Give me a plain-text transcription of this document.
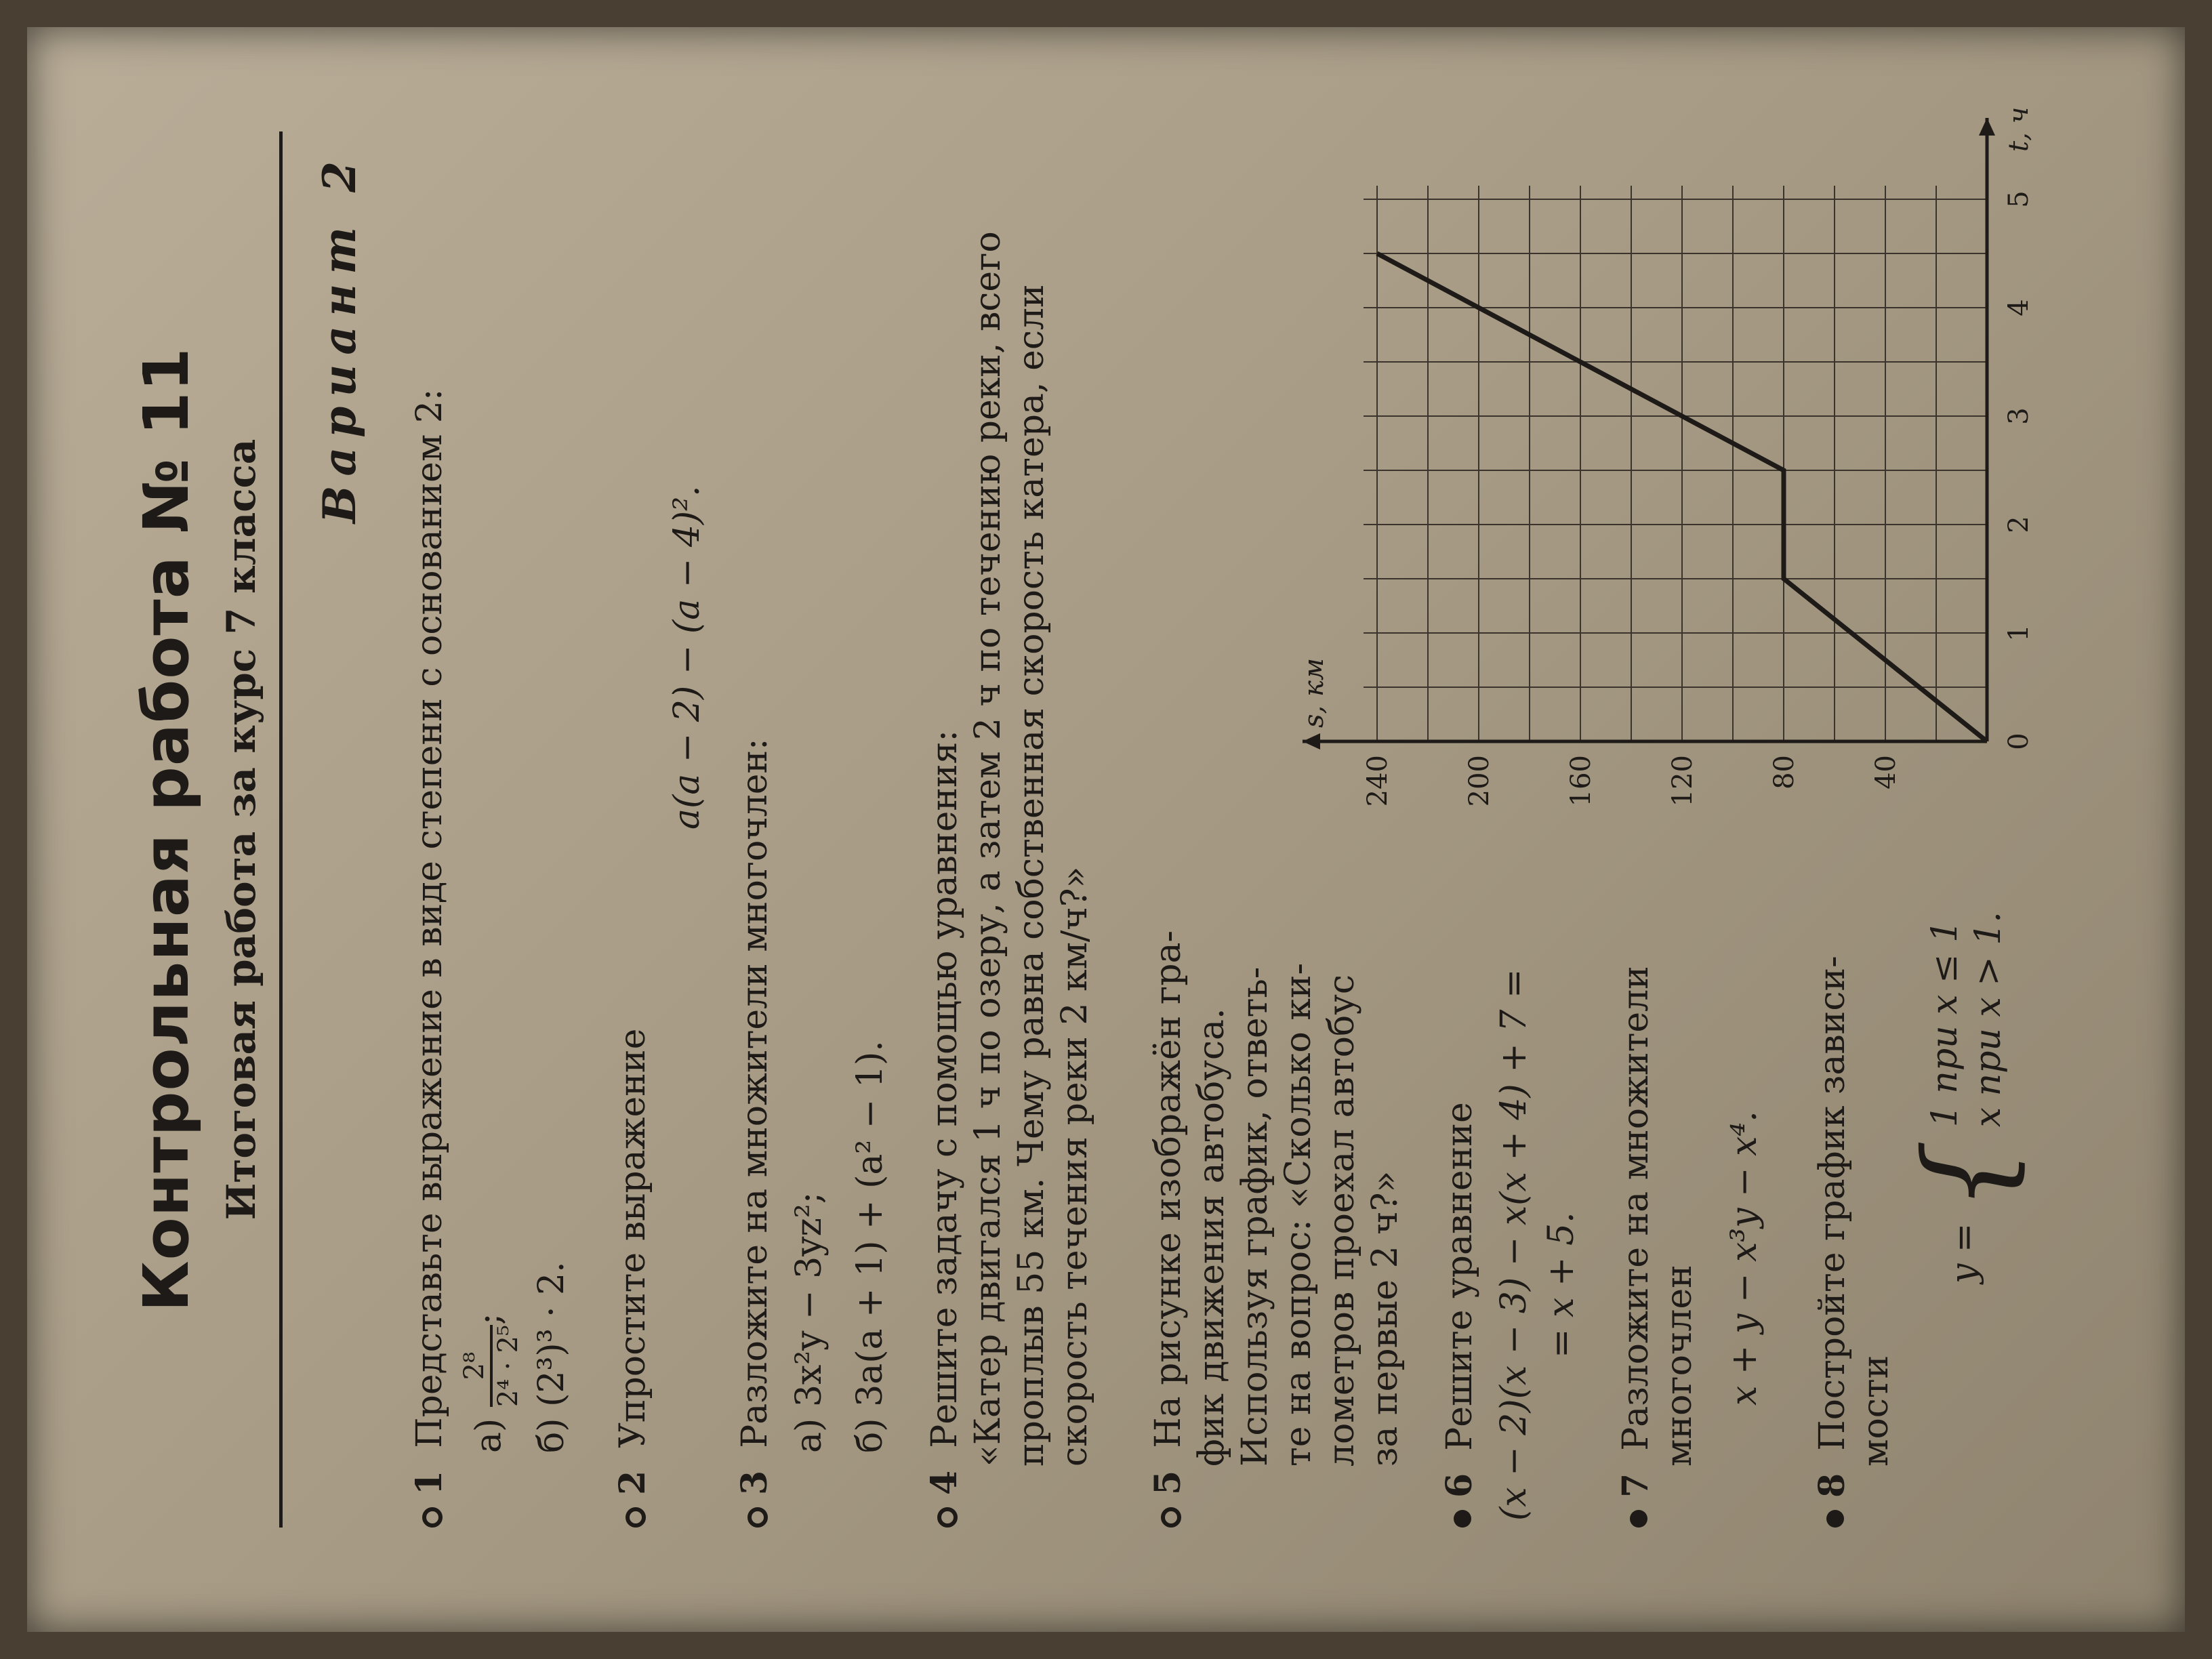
Контрольная работа № 11 Итоговая работа за курс 7 класса
Вариант 2
1  Представьте выражение в виде степени с основанием 2: а)
2⁸ 2⁴ · 2⁵
; б) (2³)³ · 2.
2  Упростите выражение
a(a − 2) − (a − 4)².
3  Разложите на множители многочлен: а) 3x²y − 3yz²; б) 3a(a + 1) + (a² − 1).
4  Решите задачу с помощью уравнения: «Катер двигался 1 ч по озеру, а затем 2 ч по течению реки, всего проплыв 55 км. Чему равна собственная скорость катера, если скорость течения реки 2 км/ч?»
5  На рисунке изображён гра- фик движения автобуса. Используя график, ответь- те на вопрос: «Сколько ки- лометров проехал автобус за первые 2 ч?»
6  Решите уравнение (x − 2)(x − 3) − x(x + 4) + 7 = = x + 5.
7  Разложите на множители многочлен x + y − x³y − x⁴.
8  Постройте график зависи- мости
y = {
1 при x ≤ 1 x при x > 1.
0
1
2
3
4
5
40
80
120
160
200
240
s, км
t, ч
